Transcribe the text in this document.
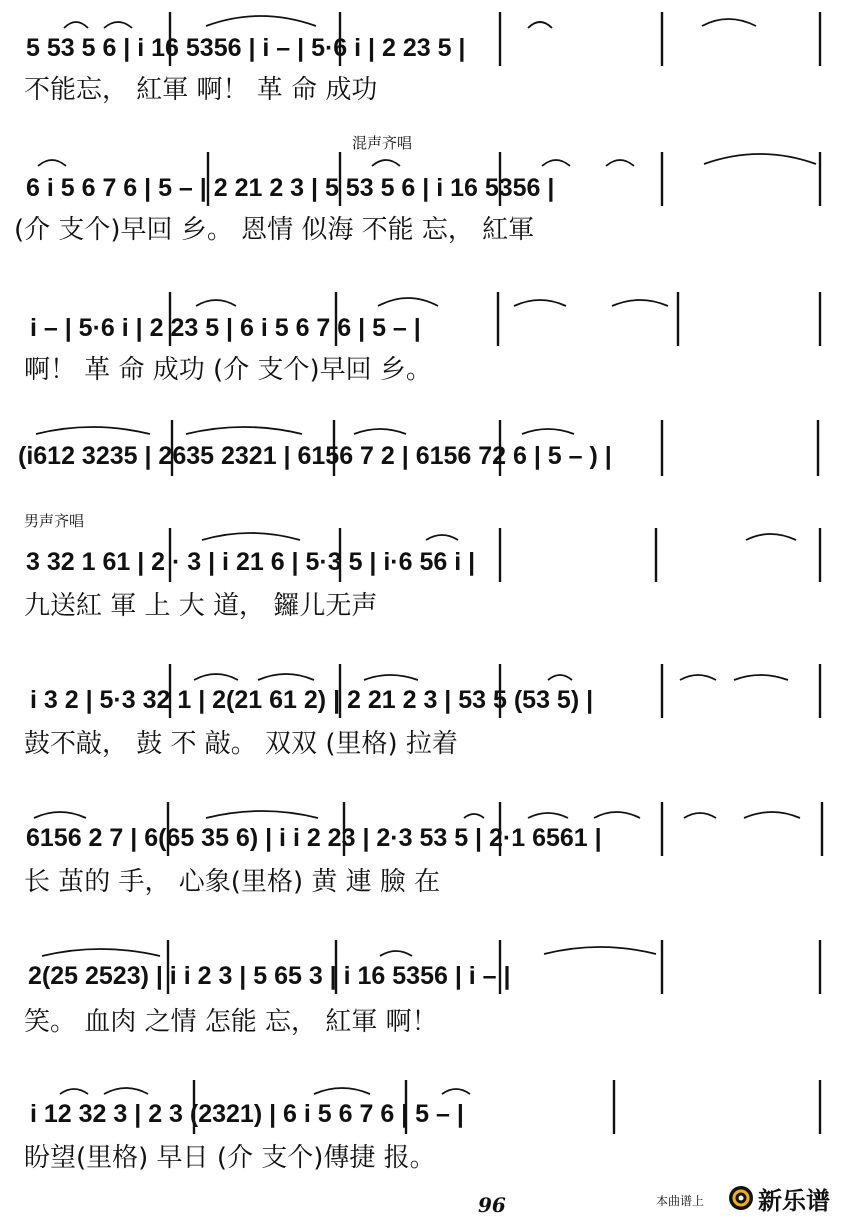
5 53 5 6 | i 16 5356 | i – | 5·6 i | 2 23 5 |
不能忘， 紅軍 啊！ 革 命 成功
混声齐唱
6 i 5 6 7 6 | 5 – | 2 21 2 3 | 5 53 5 6 | i 16 5356 |
(介 支个)早回 乡。 恩情 似海 不能 忘， 紅軍
i – | 5·6 i | 2 23 5 | 6 i 5 6 7 6 | 5 – |
啊！ 革 命 成功 (介 支个)早回 乡。
(i612 3235 | 2635 2321 | 6156 7 2 | 6156 72 6 | 5 – ) |
男声齐唱
3 32 1 61 | 2 · 3 | i 21 6 | 5·3 5 | i·6 56 i |
九送紅 軍 上 大 道， 鑼儿无声
i 3 2 | 5·3 32 1 | 2(21 61 2) | 2 21 2 3 | 53 5 (53 5) |
鼓不敲， 鼓 不 敲。 双双 (里格) 拉着
6156 2 7 | 6(65 35 6) | i i 2 23 | 2·3 53 5 | 2·1 6561 |
长 茧的 手， 心象(里格) 黄 連 臉 在
2(25 2523) | i i 2 3 | 5 65 3 | i 16 5356 | i – |
笑。 血肉 之情 怎能 忘， 紅軍 啊！
i 12 32 3 | 2 3 (2321) | 6 i 5 6 7 6 | 5 – |
盼望(里格) 早日 (介 支个)傳捷 报。
96	本曲谱上 新乐谱
